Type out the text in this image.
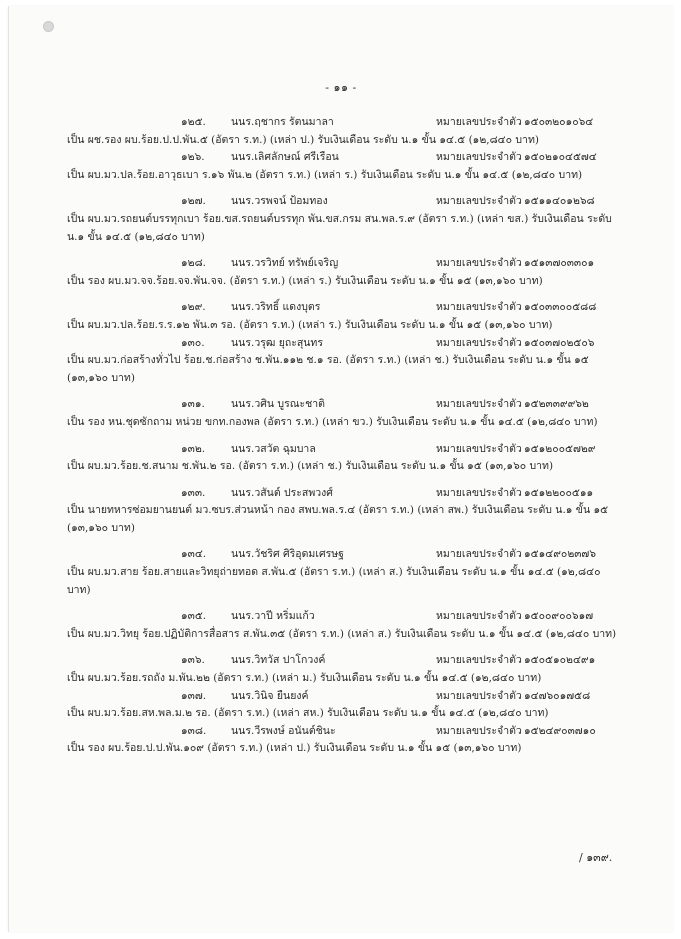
- ๑๑ -
๑๒๕.	นนร.ฤชากร รัตนมาลา	หมายเลขประจำตัว ๑๕๐๓๒๐๑๐๖๔
เป็น ผช.รอง ผบ.ร้อย.ป.ป.พัน.๕ (อัตรา ร.ท.) (เหล่า ป.) รับเงินเดือน ระดับ น.๑ ขั้น ๑๔.๕ (๑๒,๘๔๐ บาท)
๑๒๖.	นนร.เลิศลักษณ์ ศรีเรือน	หมายเลขประจำตัว ๑๕๐๒๑๐๔๕๗๔
เป็น ผบ.มว.ปล.ร้อย.อาวุธเบา ร.๑๖ พัน.๒ (อัตรา ร.ท.) (เหล่า ร.) รับเงินเดือน ระดับ น.๑ ขั้น ๑๔.๕ (๑๒,๘๔๐ บาท)
๑๒๗.	นนร.วรพจน์ ป้อมทอง	หมายเลขประจำตัว ๑๕๑๑๔๐๑๒๖๘
เป็น ผบ.มว.รถยนต์บรรทุกเบา ร้อย.ขส.รถยนต์บรรทุก พัน.ขส.กรม สน.พล.ร.๙ (อัตรา ร.ท.) (เหล่า ขส.) รับเงินเดือน ระดับ น.๑ ขั้น ๑๔.๕ (๑๒,๘๔๐ บาท)
๑๒๘.	นนร.วรวิทย์ ทรัพย์เจริญ	หมายเลขประจำตัว ๑๕๑๓๗๐๓๓๐๑
เป็น รอง ผบ.มว.จจ.ร้อย.จจ.พัน.จจ. (อัตรา ร.ท.) (เหล่า ร.) รับเงินเดือน ระดับ น.๑ ขั้น ๑๕ (๑๓,๑๖๐ บาท)
๑๒๙.	นนร.วริทธิ์ แดงบุตร	หมายเลขประจำตัว ๑๕๐๓๓๐๐๕๘๘
เป็น ผบ.มว.ปล.ร้อย.ร.ร.๑๒ พัน.๓ รอ. (อัตรา ร.ท.) (เหล่า ร.) รับเงินเดือน ระดับ น.๑ ขั้น ๑๕ (๑๓,๑๖๐ บาท)
๑๓๐.	นนร.วรุฒ ยุถะสุนทร	หมายเลขประจำตัว ๑๕๐๓๗๐๒๕๐๖
เป็น ผบ.มว.ก่อสร้างทั่วไป ร้อย.ช.ก่อสร้าง ช.พัน.๑๑๒ ช.๑ รอ. (อัตรา ร.ท.) (เหล่า ช.) รับเงินเดือน ระดับ น.๑ ขั้น ๑๕ (๑๓,๑๖๐ บาท)
๑๓๑.	นนร.วศิน บูรณะชาติ	หมายเลขประจำตัว ๑๕๒๓๓๙๙๖๒
เป็น รอง หน.ชุดซักถาม หน่วย ขกท.กองพล (อัตรา ร.ท.) (เหล่า ขว.) รับเงินเดือน ระดับ น.๑ ขั้น ๑๔.๕ (๑๒,๘๔๐ บาท)
๑๓๒.	นนร.วสวัต ฉุมบาล	หมายเลขประจำตัว ๑๕๑๒๐๐๕๗๒๙
เป็น ผบ.มว.ร้อย.ช.สนาม ช.พัน.๒ รอ. (อัตรา ร.ท.) (เหล่า ช.) รับเงินเดือน ระดับ น.๑ ขั้น ๑๕ (๑๓,๑๖๐ บาท)
๑๓๓.	นนร.วสันต์ ประสพวงศ์	หมายเลขประจำตัว ๑๕๑๒๒๐๐๕๑๑
เป็น นายทหารซ่อมยานยนต์ มว.ซบร.ส่วนหน้า กอง สพบ.พล.ร.๔ (อัตรา ร.ท.) (เหล่า สพ.) รับเงินเดือน ระดับ น.๑ ขั้น ๑๕ (๑๓,๑๖๐ บาท)
๑๓๔.	นนร.วัชริศ ศิริอุดมเศรษฐ	หมายเลขประจำตัว ๑๕๑๔๙๐๒๓๗๖
เป็น ผบ.มว.สาย ร้อย.สายและวิทยุถ่ายทอด ส.พัน.๕ (อัตรา ร.ท.) (เหล่า ส.) รับเงินเดือน ระดับ น.๑ ขั้น ๑๔.๕ (๑๒,๘๔๐ บาท)
๑๓๕.	นนร.วาปี หริ่มแก้ว	หมายเลขประจำตัว ๑๕๐๐๙๐๐๖๑๗
เป็น ผบ.มว.วิทยุ ร้อย.ปฏิบัติการสื่อสาร ส.พัน.๓๕ (อัตรา ร.ท.) (เหล่า ส.) รับเงินเดือน ระดับ น.๑ ขั้น ๑๔.๕ (๑๒,๘๔๐ บาท)
๑๓๖.	นนร.วิทวัส ปาโกวงค์	หมายเลขประจำตัว ๑๕๐๕๑๐๒๔๙๑
เป็น ผบ.มว.ร้อย.รถถัง ม.พัน.๒๒ (อัตรา ร.ท.) (เหล่า ม.) รับเงินเดือน ระดับ น.๑ ขั้น ๑๔.๕ (๑๒,๘๔๐ บาท)
๑๓๗.	นนร.วินิจ ยืนยงค์	หมายเลขประจำตัว ๑๔๗๖๐๑๗๕๘
เป็น ผบ.มว.ร้อย.สห.พล.ม.๒ รอ. (อัตรา ร.ท.) (เหล่า สห.) รับเงินเดือน ระดับ น.๑ ขั้น ๑๔.๕ (๑๒,๘๔๐ บาท)
๑๓๘.	นนร.วีรพงษ์ อนันต์ชินะ	หมายเลขประจำตัว ๑๕๒๔๙๐๓๗๑๐
เป็น รอง ผบ.ร้อย.ป.ป.พัน.๑๐๙ (อัตรา ร.ท.) (เหล่า ป.) รับเงินเดือน ระดับ น.๑ ขั้น ๑๕ (๑๓,๑๖๐ บาท)
/ ๑๓๙.
